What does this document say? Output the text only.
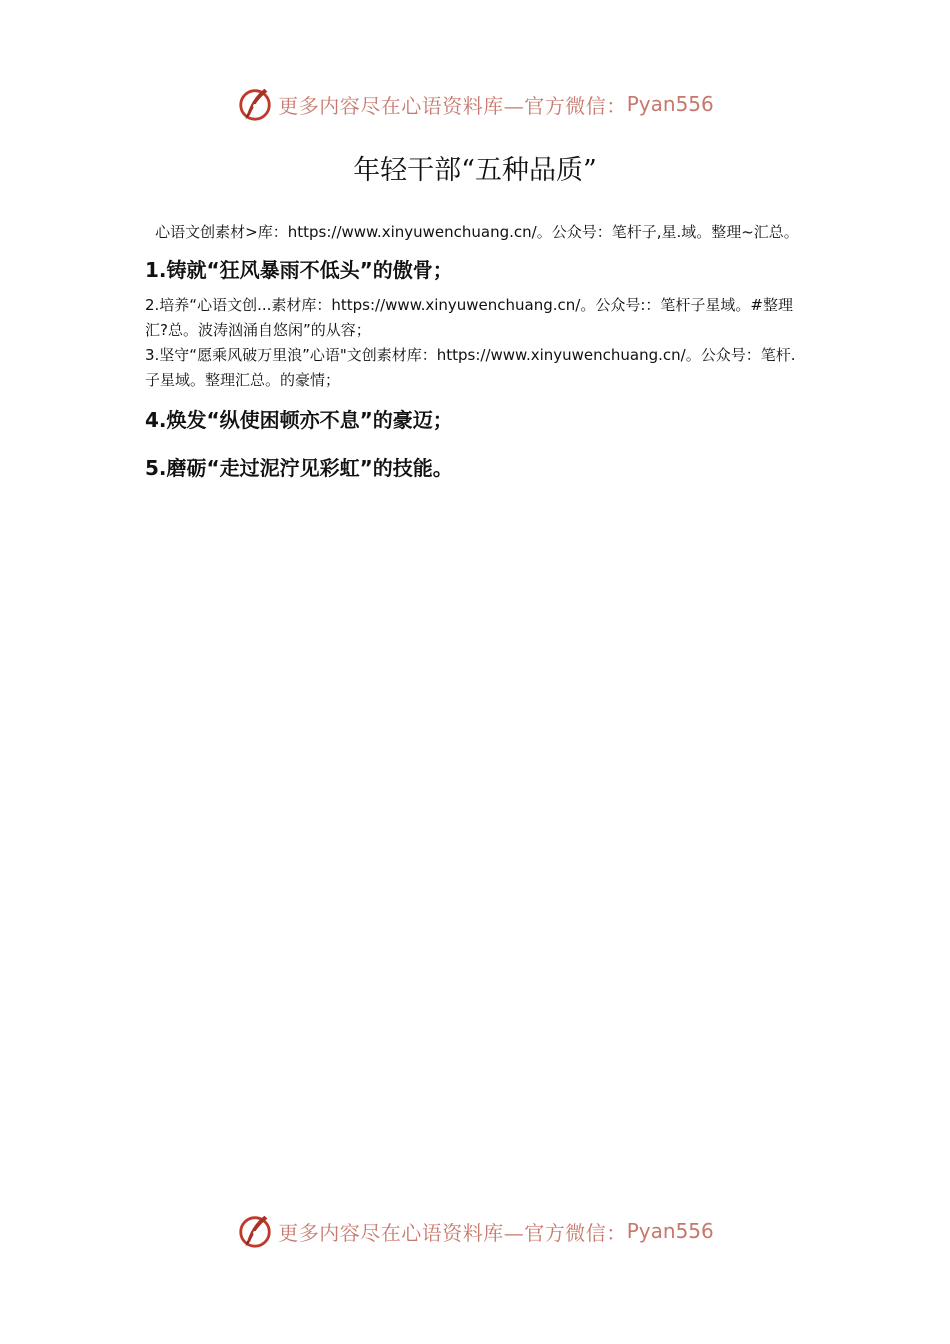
更多内容尽在心语资料库—官方微信： Pyan556
年轻干部“五种品质”

心语文创素材>库：https://www.xinyuwenchuang.cn/。公众号：笔杆子,星.域。整理~汇总。

1.铸就“狂风暴雨不低头”的傲骨；

2.培养“心语文创...素材库：https://www.xinyuwenchuang.cn/。公众号:：笔杆子星域。#整理汇?总。波涛汹涌自悠闲”的从容；

3.坚守“愿乘风破万里浪”心语"文创素材库：https://www.xinyuwenchuang.cn/。公众号：笔杆.子星域。整理汇总。的豪情；

4.焕发“纵使困顿亦不息”的豪迈；

5.磨砺“走过泥泞见彩虹”的技能。

更多内容尽在心语资料库—官方微信： Pyan556
